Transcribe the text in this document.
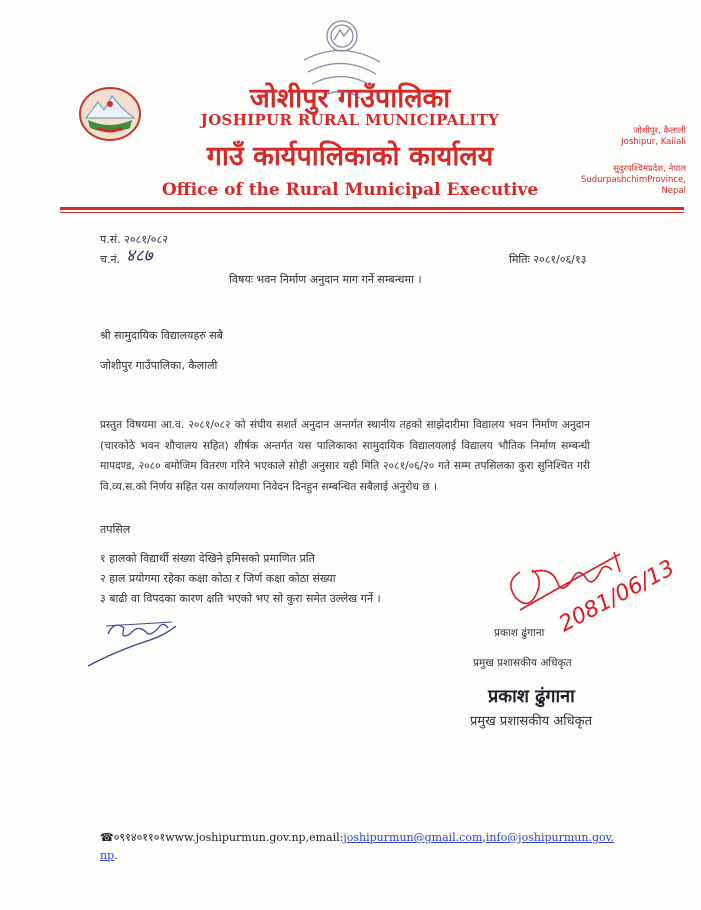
जोशीपुर गाउँपालिका
JOSHIPUR RURAL MUNICIPALITY
गाउँ कार्यपालिकाको कार्यालय
Office of the Rural Municipal Executive
जोशीपुर, कैलाली
Joshipur, Kailali
सुदुरपश्चिमप्रदेश, नेपाल
SudurpashchimProvince,
Nepal
प.सं. २०८१/०८२
च.नं. ४८७	मितिः २०८१/०६/१३
विषयः भवन निर्माण अनुदान माग गर्ने सम्बन्धमा ।
श्री सामुदायिक विद्यालयहरु सबै
जोशीपुर गाउँपालिका, कैलाली
प्रस्तुत विषयमा आ.व. २०८१/०८२ को संघीय सशर्त अनुदान अन्तर्गत स्थानीय तहको साझेदारीमा विद्यालय भवन निर्माण अनुदान (चारकोठे भवन शौचालय सहित) शीर्षक अन्तर्गत यस पालिकाका सामुदायिक विद्यालयलाई विद्यालय भौतिक निर्माण सम्बन्धी मापदण्ड, २०८० बमोजिम वितरण गरिने भएकाले सोही अनुसार यही मिति २०८१/०६/२० गते सम्म तपसिलका कुरा सुनिश्चित गरी वि.व्य.स.को निर्णय सहित यस कार्यालयमा निवेदन दिनहुन सम्बन्धित सबैलाई अनुरोध छ ।
तपसिल
१ हालको विद्यार्थी संख्या देखिने इमिसको प्रमाणित प्रति
२ हाल प्रयोगमा रहेका कक्षा कोठा र जिर्ण कक्षा कोठा संख्या
३ बाढी वा विपदका कारण क्षति भएको भए सो कुरा समेत उल्लेख गर्ने ।	2081/06/13
प्रकाश ढुंगाना
प्रमुख प्रशासकीय अधिकृत
प्रकाश ढुंगाना
प्रमुख प्रशासकीय अधिकृत
☎०९१४०११०१www.joshipurmun.gov.np,email:joshipurmun@gmail.com,info@joshipurmun.gov.
np.
